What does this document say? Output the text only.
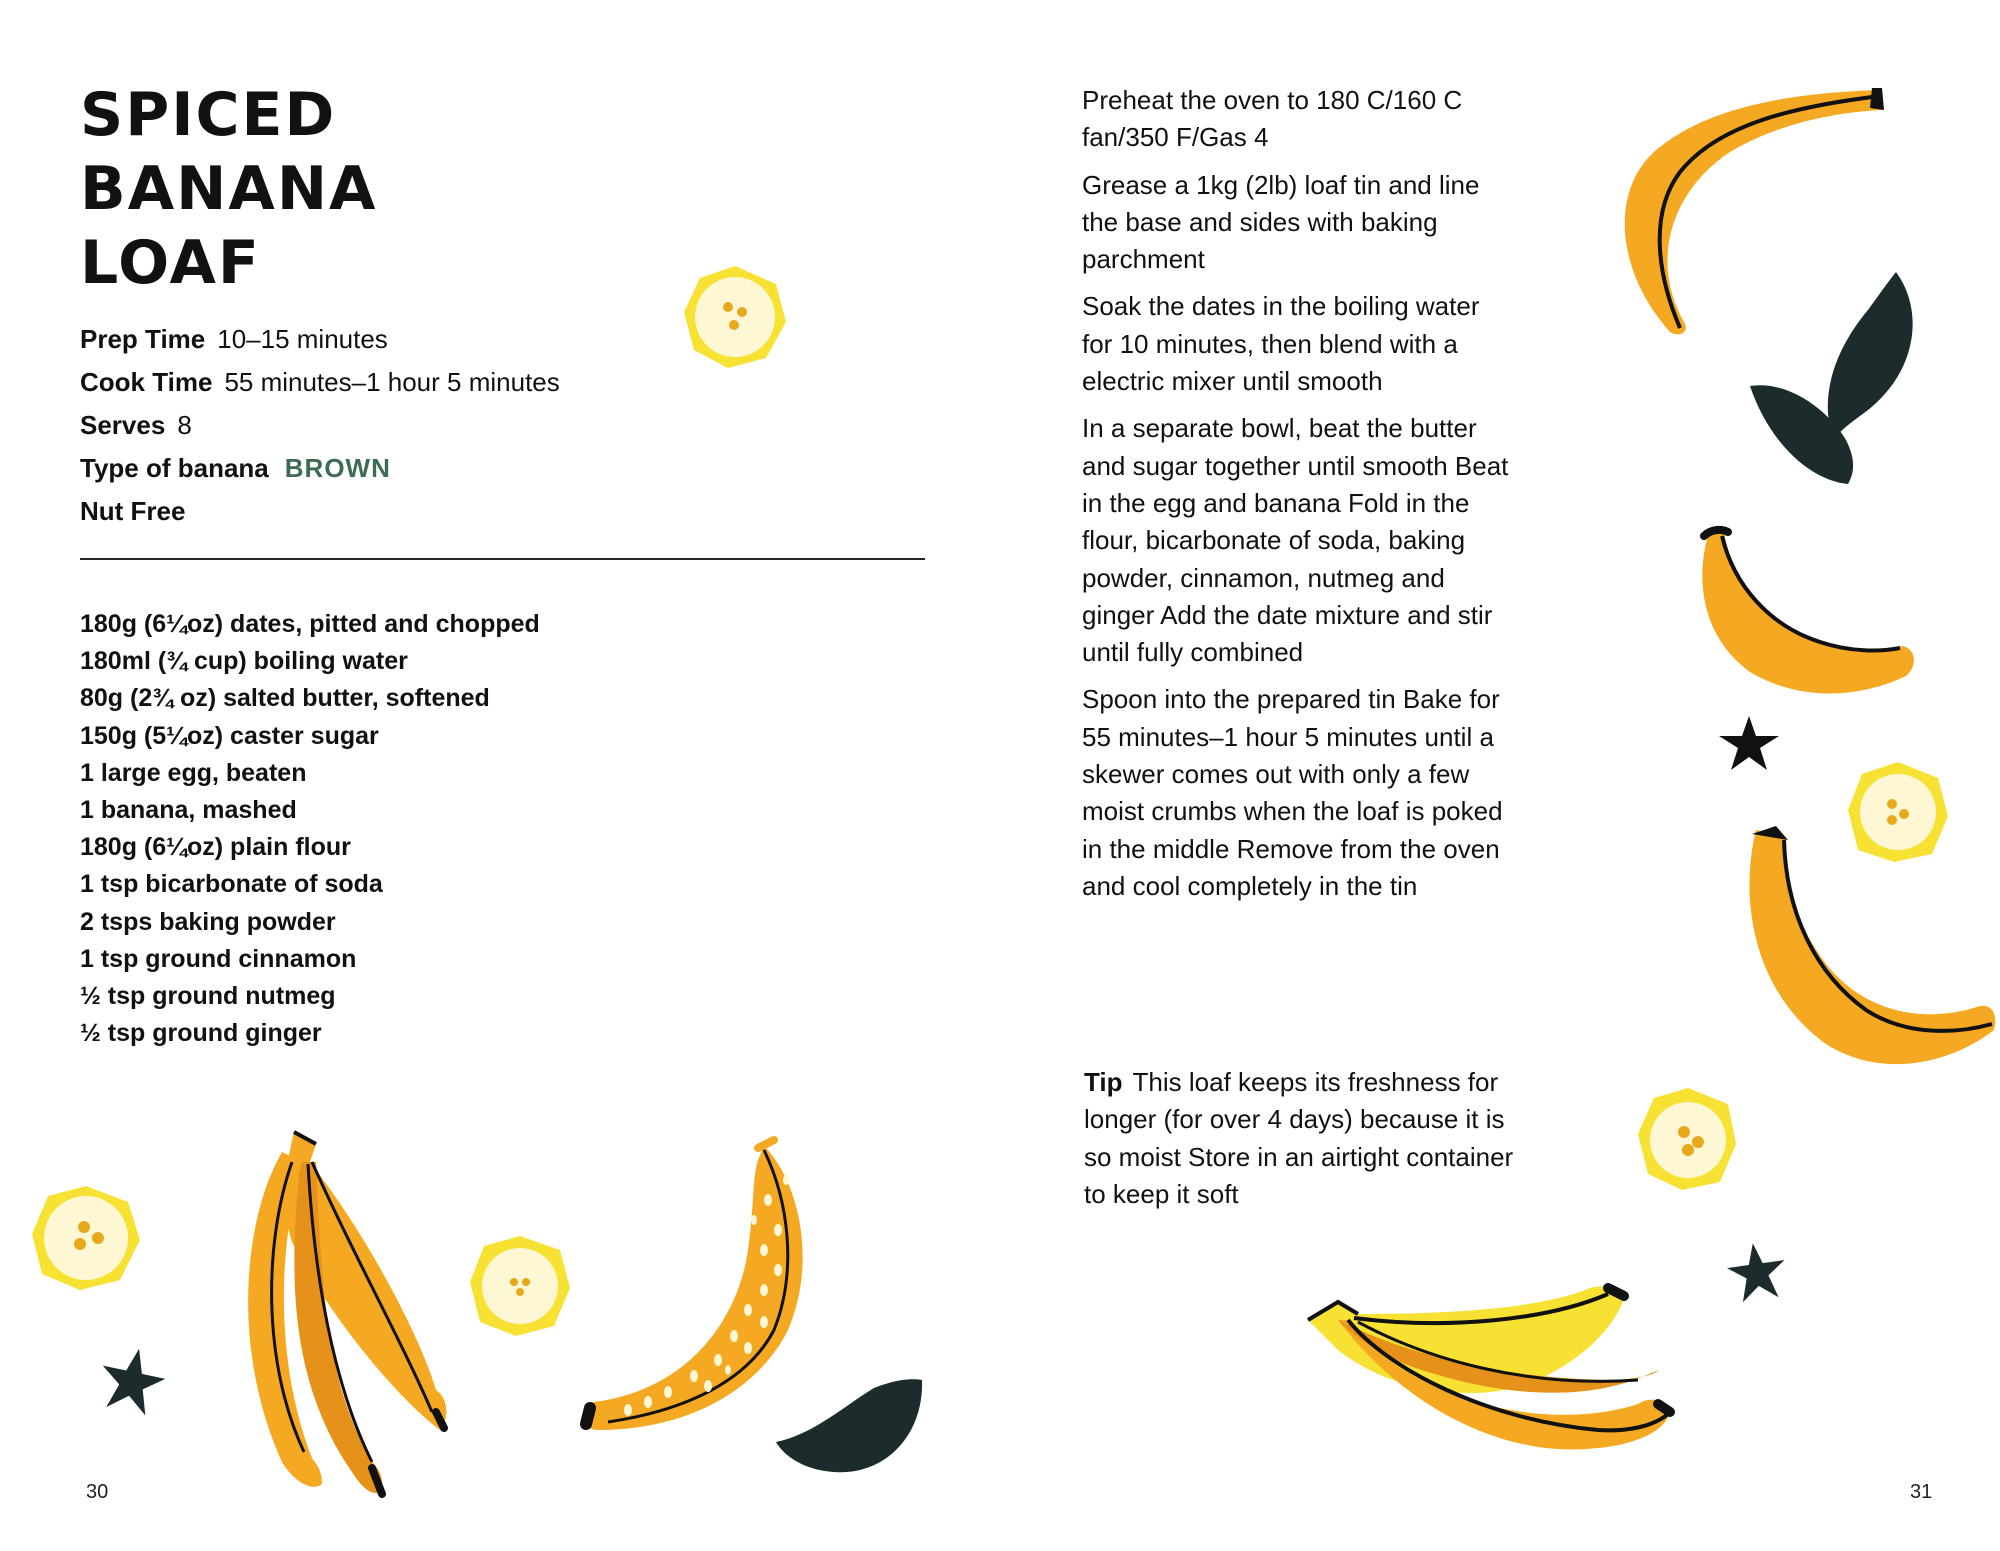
SPICED
BANANA
LOAF
Prep Time 10–15 minutes
Cook Time 55 minutes–1 hour 5 minutes
Serves 8
Type of banana BROWN
Nut Free
180g (6¼oz) dates, pitted and chopped
180ml (¾ cup) boiling water
80g (2¾ oz) salted butter, softened
150g (5¼oz) caster sugar
1 large egg, beaten
1 banana, mashed
180g (6¼oz) plain flour
1 tsp bicarbonate of soda
2 tsps baking powder
1 tsp ground cinnamon
½ tsp ground nutmeg
½ tsp ground ginger
30

Preheat the oven to 180 C/160 C fan/350 F/Gas 4

Grease a 1kg (2lb) loaf tin and line the base and sides with baking parchment

Soak the dates in the boiling water for 10 minutes, then blend with a electric mixer until smooth

In a separate bowl, beat the butter and sugar together until smooth Beat in the egg and banana Fold in the flour, bicarbonate of soda, baking powder, cinnamon, nutmeg and ginger Add the date mixture and stir until fully combined

Spoon into the prepared tin Bake for 55 minutes–1 hour 5 minutes until a skewer comes out with only a few moist crumbs when the loaf is poked in the middle Remove from the oven and cool completely in the tin

Tip This loaf keeps its freshness for longer (for over 4 days) because it is so moist Store in an airtight container to keep it soft

31
